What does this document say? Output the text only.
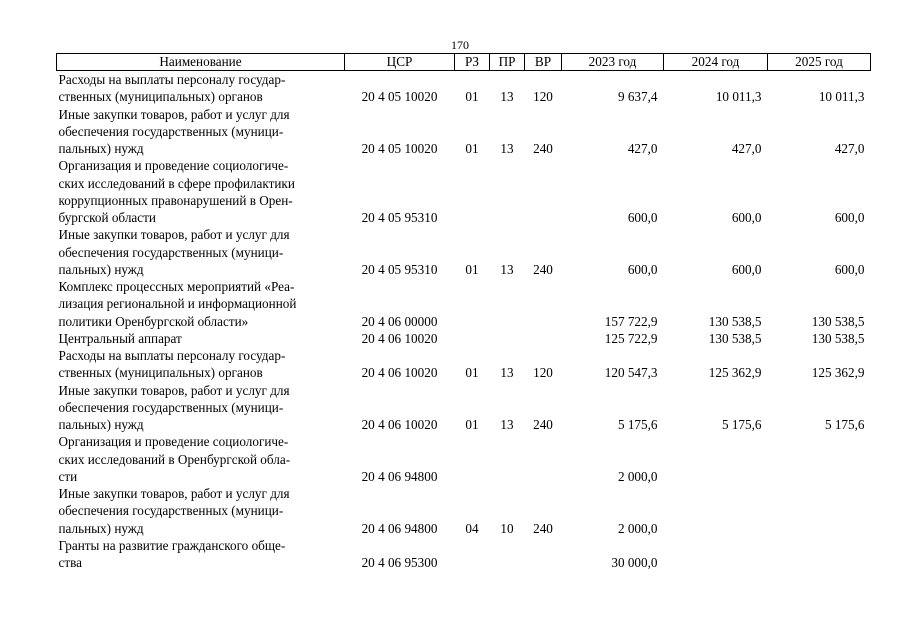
170
Наименование	ЦСР	РЗ	ПР	ВР	2023 год	2024 год	2025 год

Расходы на выплаты персоналу государ-
ственных (муниципальных) органов	20 4 05 10020	01	13	120	9 637,4	10 011,3	10 011,3

Иные закупки товаров, работ и услуг для
обеспечения государственных (муници-
пальных) нужд	20 4 05 10020	01	13	240	427,0	427,0	427,0

Организация и проведение социологиче-
ских исследований в сфере профилактики
коррупционных правонарушений в Орен-
бургской области	20 4 05 95310				600,0	600,0	600,0

Иные закупки товаров, работ и услуг для
обеспечения государственных (муници-
пальных) нужд	20 4 05 95310	01	13	240	600,0	600,0	600,0

Комплекс процессных мероприятий «Реа-
лизация региональной и информационной
политики Оренбургской области»	20 4 06 00000				157 722,9	130 538,5	130 538,5

Центральный аппарат	20 4 06 10020				125 722,9	130 538,5	130 538,5

Расходы на выплаты персоналу государ-
ственных (муниципальных) органов	20 4 06 10020	01	13	120	120 547,3	125 362,9	125 362,9

Иные закупки товаров, работ и услуг для
обеспечения государственных (муници-
пальных) нужд	20 4 06 10020	01	13	240	5 175,6	5 175,6	5 175,6

Организация и проведение социологиче-
ских исследований в Оренбургской обла-
сти	20 4 06 94800				2 000,0		

Иные закупки товаров, работ и услуг для
обеспечения государственных (муници-
пальных) нужд	20 4 06 94800	04	10	240	2 000,0		

Гранты на развитие гражданского обще-
ства	20 4 06 95300				30 000,0		
